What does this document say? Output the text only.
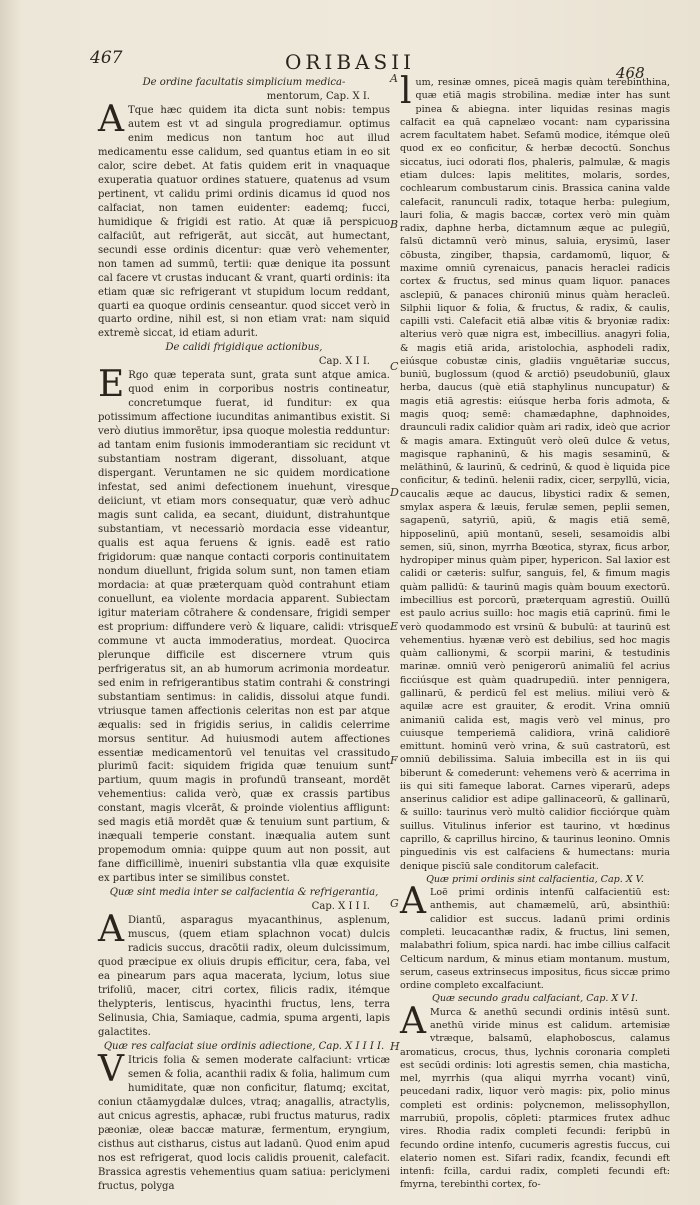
467	ORIBASII	468

De ordine facultatis simplicium medica-

mentorum, Cap. X I.

ATque hæc quidem ita dicta sunt nobis: tempus autem est vt ad singula progrediamur. optimus enim medicus non tantum hoc aut illud medicamentu esse calidum, sed quantus etiam in eo sit calor, scire debet. At fatis quidem erit in vnaquaque exuperatia quatuor ordines statuere, quatenus ad vsum pertinent, vt calidu primi ordinis dicamus id quod nos calfaciat, non tamen euidenter: eademq; fucci, humidique & frigidi est ratio. At quæ iā perspicuo calfaciūt, aut refrigerāt, aut siccāt, aut humectant, secundi esse ordinis dicentur: quæ verò vehementer, non tamen ad summū, tertii: quæ denique ita possunt cal facere vt crustas inducant & vrant, quarti ordinis: ita etiam quæ sic refrigerant vt stupidum locum reddant, quarti ea quoque ordinis censeantur. quod siccet verò in quarto ordine, nihil est, si non etiam vrat: nam siquid extremè siccat, id etiam adurit.

De calidi frigidique actionibus,

Cap. X I I.

ERgo quæ teperata sunt, grata sunt atque amica. quod enim in corporibus nostris contineatur, concretumque fuerat, id funditur: ex qua potissimum affectione iucunditas animantibus existit. Si verò diutius immorētur, ipsa quoque molestia redduntur: ad tantam enim fusionis immoderantiam sic recidunt vt substantiam nostram digerant, dissoluant, atque dispergant. Veruntamen ne sic quidem mordicatione infestat, sed animi defectionem inuehunt, viresque deiiciunt, vt etiam mors consequatur, quæ verò adhuc magis sunt calida, ea secant, diuidunt, distrahuntque substantiam, vt necessariò mordacia esse videantur, qualis est aqua feruens & ignis. eadē est ratio frigidorum: quæ nanque contacti corporis continuitatem nondum diuellunt, frigida solum sunt, non tamen etiam mordacia: at quæ præterquam quòd contrahunt etiam conuellunt, ea violente mordacia apparent. Subiectam igitur materiam cōtrahere & condensare, frigidi semper est proprium: diffundere verò & liquare, calidi: vtrisque commune vt aucta immoderatius, mordeat. Quocirca plerunque difficile est discernere vtrum quis perfrigeratus sit, an ab humorum acrimonia mordeatur. sed enim in refrigerantibus statim contrahi & constringi substantiam sentimus: in calidis, dissolui atque fundi. vtriusque tamen affectionis celeritas non est par atque æqualis: sed in frigidis serius, in calidis celerrime morsus sentitur. Ad huiusmodi autem affectiones essentiæ medicamentorū vel tenuitas vel crassitudo plurimū facit: siquidem frigida quæ tenuium sunt partium, quum magis in profundū transeant, mordēt vehementius: calida verò, quæ ex crassis partibus constant, magis vlcerāt, & proinde violentius affligunt: sed magis etiā mordēt quæ & tenuium sunt partium, & inæquali temperie constant. inæqualia autem sunt propemodum omnia: quippe quum aut non possit, aut fane difficillimè, inueniri substantia vlla quæ exquisite ex partibus inter se similibus constet.

Quæ sint media inter se calfacientia & refrigerantia,

Cap. X I I I.

ADiantū, asparagus myacanthinus, asplenum, muscus, (quem etiam splachnon vocat) dulcis radicis succus, dracōtii radix, oleum dulcissimum, quod præcipue ex oliuis drupis efficitur, cera, faba, vel ea pinearum pars aqua macerata, lycium, lotus siue trifoliū, macer, citri cortex, filicis radix, itémque thelypteris, lentiscus, hyacinthi fructus, lens, terra Selinusia, Chia, Samiaque, cadmia, spuma argenti, lapis galactites.

Quæ res calfaciat siue ordinis adiectione, Cap. X I I I I.

VItricis folia & semen moderate calfaciunt: vrticæ semen & folia, acanthii radix & folia, halimum cum humiditate, quæ non conficitur, flatumq; excitat, coniun ctāamygdalæ dulces, vtraq; anagallis, atractylis, aut cnicus agrestis, aphacæ, rubi fructus maturus, radix pæoniæ, oleæ baccæ maturæ, fermentum, eryngium, cisthus aut cistharus, cistus aut ladanū. Quod enim apud nos est refrigerat, quod locis calidis prouenit, calefacit. Brassica agrestis vehementius quam satiua: periclymeni fructus, polyga

lum, resinæ omnes, piceā magis quàm terebinthina, quæ etiā magis strobilina. mediæ inter has sunt pinea & abiegna. inter liquidas resinas magis calfacit ea quā capnelæo vocant: nam cyparissina acrem facultatem habet. Sefamū modice, itémque oleū quod ex eo conficitur, & herbæ decoctū. Sonchus siccatus, iuci odorati flos, phaleris, palmulæ, & magis etiam dulces: lapis melitites, molaris, sordes, cochlearum combustarum cinis. Brassica canina valde calefacit, ranunculi radix, totaque herba: pulegium, lauri folia, & magis baccæ, cortex verò min quàm radix, daphne herba, dictamnum æque ac pulegiū, falsū dictamnū verò minus, saluia, erysimū, laser cōbusta, zingiber, thapsia, cardamomū, liquor, & maxime omniū cyrenaicus, panacis heraclei radicis cortex & fructus, sed minus quam liquor. panaces asclepiū, & panaces chironiū minus quàm heracleū. Silphii liquor & folia, & fructus, & radix, & caulis, capilli vsti. Calefacit etiā albæ vitis & bryoniæ radix: alterius verò quæ nigra est, imbecillius. anagyri folia, & magis etiā arida, aristolochia, asphodeli radix, eiúsque cobustæ cinis, gladiis vnguētariæ succus, buniū, buglossum (quod & arctiō) pseudobuniū, glaux herba, daucus (què etiā staphylinus nuncupatur) & magis etiā agrestis: eiúsque herba foris admota, & magis quoq; semē: chamædaphne, daphnoides, draunculi radix calidior quàm ari radix, ideò que acrior & magis amara. Extinguūt verò oleū dulce & vetus, magisque raphaninū, & his magis sesaminū, & melāthinū, & laurinū, & cedrinū, & quod è liquida pice conficitur, & tedinū. helenii radix, cicer, serpyllū, vicia, caucalis æque ac daucus, libystici radix & semen, smylax aspera & læuis, ferulæ semen, peplii semen, sagapenū, satyriū, apiū, & magis etiā semē, hipposelinū, apiū montanū, seseli, sesamoidis albi semen, siū, sinon, myrrha Bœotica, styrax, ficus arbor, hydropiper minus quàm piper, hypericon. Sal laxior est calidi or cæteris: sulfur, sanguis, fel, & fimum magis quàm pallidū: & taurinū magis quàm bouum exectorū. imbecillius est porcorū, præterquam agrestiū. Ouillū est paulo acrius suillo: hoc magis etiā caprinū. fimi le verò quodammodo est vrsinū & bubulū: at taurinū est vehementius. hyænæ verò est debilius, sed hoc magis quàm callionymi, & scorpii marini, & testudinis marinæ. omniū verò penigerorū animaliū fel acrius ficciúsque est quàm quadrupediū. inter pennigera, gallinarū, & perdicū fel est melius. miliui verò & aquilæ acre est grauiter, & erodit. Vrina omniū animaniū calida est, magis verò vel minus, pro cuiusque temperiemā calidiora, vrinā calidiorē emittunt. hominū verò vrina, & suū castratorū, est omniū debilissima. Saluia imbecilla est in iis qui biberunt & comederunt: vehemens verò & acerrima in iis qui siti fameque laborat. Carnes viperarū, adeps anserinus calidior est adipe gallinaceorū, & gallinarū, & suillo: taurinus verò multò calidior ficciórque quàm suillus. Vitulinus inferior est taurino, vt hœdinus caprillo, & caprillus hircino, & taurinus leonino. Omnis pinguedinis vis est calfaciens & humectans: muria denique piscīū sale conditorum calefacit.

Quæ primi ordinis sint calfacientia, Cap. X V.

ALoë primi ordinis intenfū calfacientiū est: anthemis, aut chamæmelū, arū, absinthiū: calidior est succus. ladanū primi ordinis completi. leucacanthæ radix, & fructus, lini semen, malabathri folium, spica nardi. hac imbe cillius calfacit Celticum nardum, & minus etiam montanum. mustum, serum, caseus extrinsecus impositus, ficus siccæ primo ordine completo excalfaciunt.

Quæ secundo gradu calfaciant, Cap. X V I.

AMurca & anethū secundi ordinis intēsū sunt. anethū viride minus est calidum. artemisiæ vtræque, balsamū, elaphoboscus, calamus aromaticus, crocus, thus, lychnis coronaria completi est secūdi ordinis: loti agrestis semen, chia masticha, mel, myrrhis (qua aliqui myrrha vocant) vinū, peucedani radix, liquor verò magis: pix, polio minus completi est ordinis: polycnemon, melissophyllon, marrubiū, propolis, cōpleti: ptarmices frutex adhuc vires. Rhodia radix completi fecundi: feripbū in fecundo ordine intenfo, cucumeris agrestis fuccus, cui elaterio nomen est. Sifari radix, fcandix, fecundi eft intenfi: fcilla, cardui radix, completi fecundi eft: fmyrna, terebinthi cortex, fo-

A
B
C
D
E
F
G
H
